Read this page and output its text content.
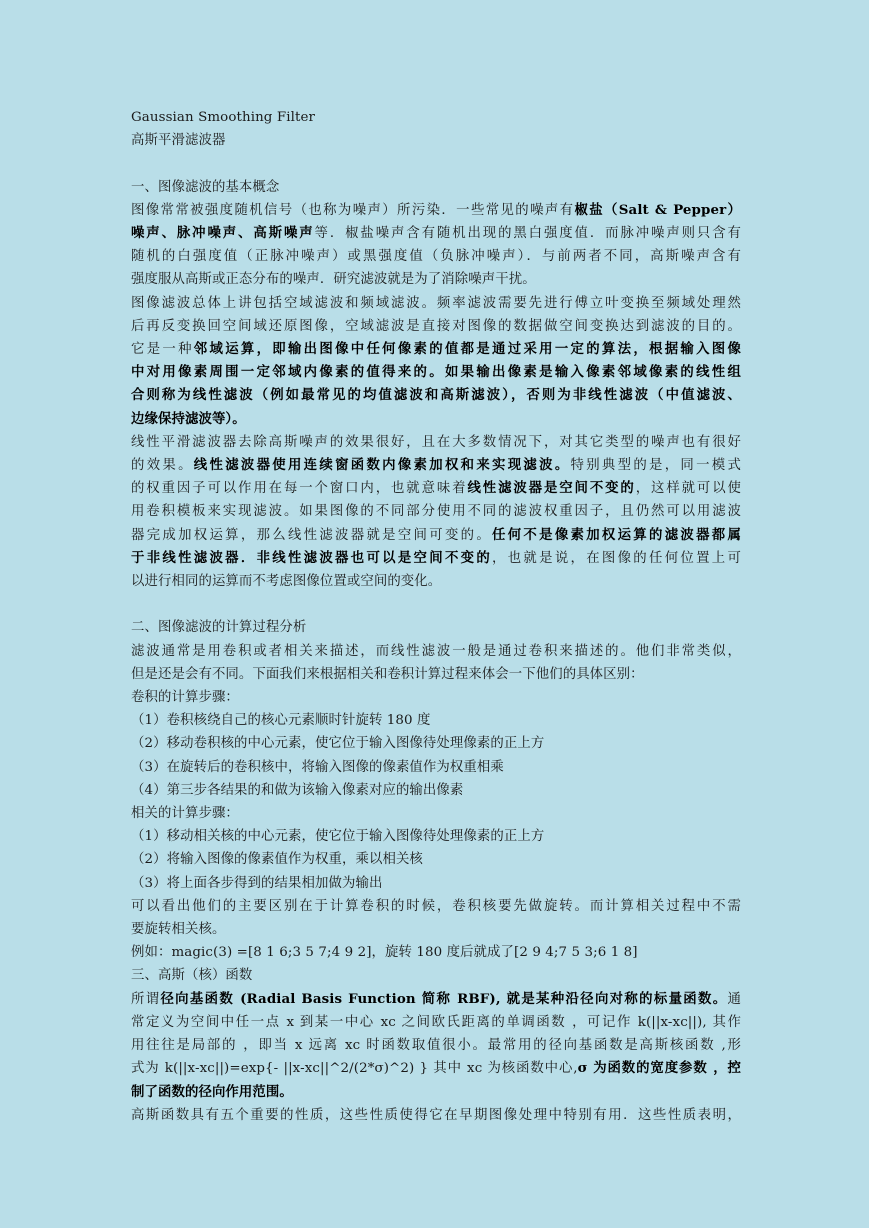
Gaussian Smoothing Filter
高斯平滑滤波器
一、图像滤波的基本概念
图像常常被强度随机信号（也称为噪声）所污染．一些常见的噪声有椒盐（Salt & Pepper）
噪声、脉冲噪声、高斯噪声等．椒盐噪声含有随机出现的黑白强度值．而脉冲噪声则只含有
随机的白强度值（正脉冲噪声）或黑强度值（负脉冲噪声）．与前两者不同，高斯噪声含有
强度服从高斯或正态分布的噪声．研究滤波就是为了消除噪声干扰。
图像滤波总体上讲包括空域滤波和频域滤波。频率滤波需要先进行傅立叶变换至频域处理然
后再反变换回空间域还原图像，空域滤波是直接对图像的数据做空间变换达到滤波的目的。
它是一种邻域运算，即输出图像中任何像素的值都是通过采用一定的算法，根据输入图像
中对用像素周围一定邻域内像素的值得来的。如果输出像素是输入像素邻域像素的线性组
合则称为线性滤波（例如最常见的均值滤波和高斯滤波），否则为非线性滤波（中值滤波、
边缘保持滤波等）。
线性平滑滤波器去除高斯噪声的效果很好，且在大多数情况下，对其它类型的噪声也有很好
的效果。线性滤波器使用连续窗函数内像素加权和来实现滤波。特别典型的是，同一模式
的权重因子可以作用在每一个窗口内，也就意味着线性滤波器是空间不变的，这样就可以使
用卷积模板来实现滤波。如果图像的不同部分使用不同的滤波权重因子，且仍然可以用滤波
器完成加权运算，那么线性滤波器就是空间可变的。任何不是像素加权运算的滤波器都属
于非线性滤波器．非线性滤波器也可以是空间不变的，也就是说，在图像的任何位置上可
以进行相同的运算而不考虑图像位置或空间的变化。
二、图像滤波的计算过程分析
滤波通常是用卷积或者相关来描述，而线性滤波一般是通过卷积来描述的。他们非常类似，
但是还是会有不同。下面我们来根据相关和卷积计算过程来体会一下他们的具体区别：
卷积的计算步骤：
（1）卷积核绕自己的核心元素顺时针旋转 180 度
（2）移动卷积核的中心元素，使它位于输入图像待处理像素的正上方
（3）在旋转后的卷积核中，将输入图像的像素值作为权重相乘
（4）第三步各结果的和做为该输入像素对应的输出像素
相关的计算步骤：
（1）移动相关核的中心元素，使它位于输入图像待处理像素的正上方
（2）将输入图像的像素值作为权重，乘以相关核
（3）将上面各步得到的结果相加做为输出
可以看出他们的主要区别在于计算卷积的时候，卷积核要先做旋转。而计算相关过程中不需
要旋转相关核。
例如：magic(3) =[8 1 6;3 5 7;4 9 2]，旋转 180 度后就成了[2 9 4;7 5 3;6 1 8]
三、高斯（核）函数
所谓径向基函数 (Radial Basis Function 简称 RBF), 就是某种沿径向对称的标量函数。通
常定义为空间中任一点 x 到某一中心 xc 之间欧氏距离的单调函数 ，可记作 k(||x-xc||), 其作
用往往是局部的 ，即当 x 远离 xc 时函数取值很小。最常用的径向基函数是高斯核函数 ,形
式为 k(||x-xc||)=exp{- ||x-xc||^2/(2*σ)^2) } 其中 xc 为核函数中心,σ 为函数的宽度参数 ，控
制了函数的径向作用范围。
高斯函数具有五个重要的性质，这些性质使得它在早期图像处理中特别有用．这些性质表明，
